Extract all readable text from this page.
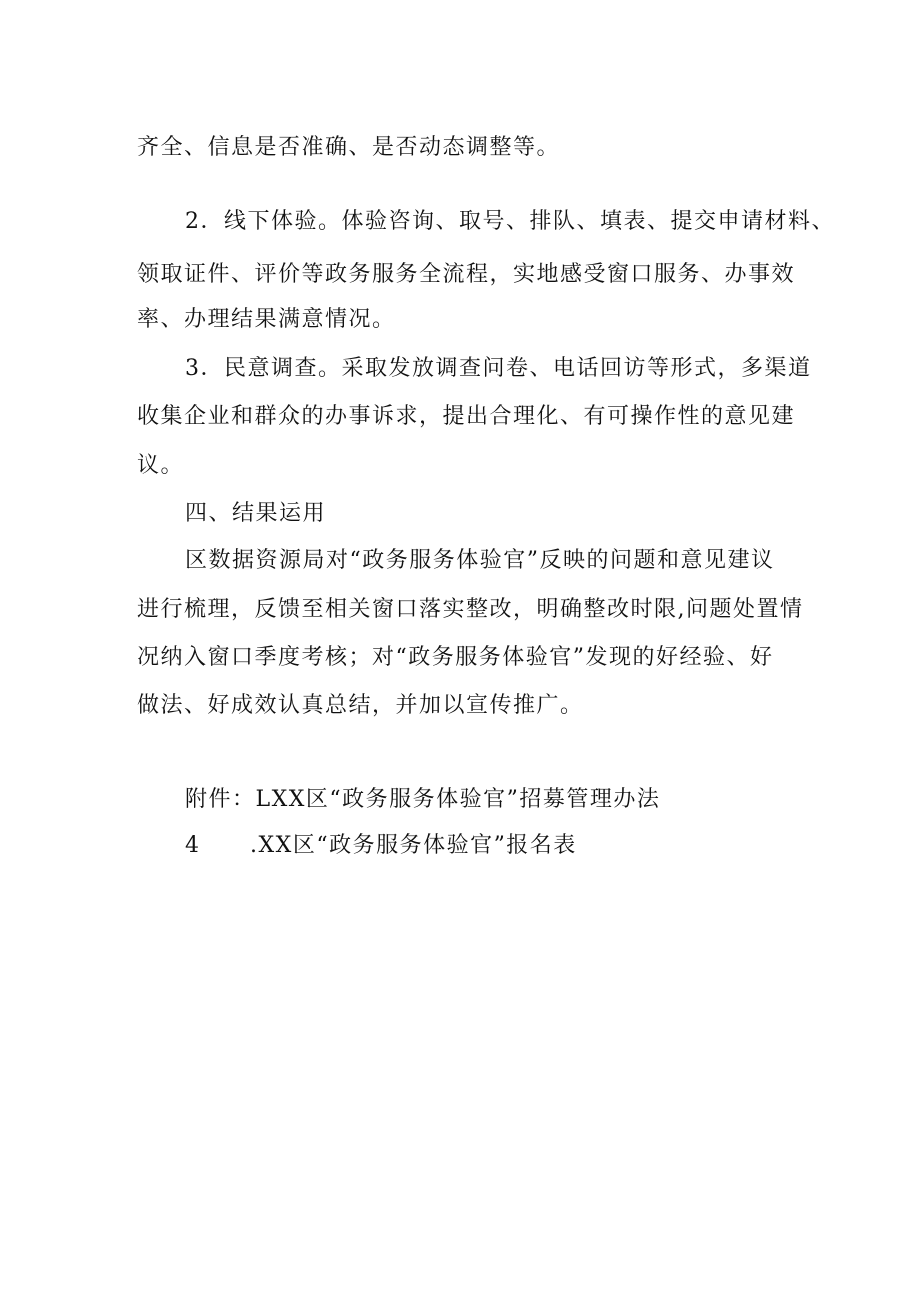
齐全、信息是否准确、是否动态调整等。
2．线下体验。体验咨询、取号、排队、填表、提交申请材料、
领取证件、评价等政务服务全流程，实地感受窗口服务、办事效
率、办理结果满意情况。
3．民意调查。采取发放调查问卷、电话回访等形式，多渠道
收集企业和群众的办事诉求，提出合理化、有可操作性的意见建
议。
四、结果运用
区数据资源局对“政务服务体验官”反映的问题和意见建议
进行梳理，反馈至相关窗口落实整改，明确整改时限,问题处置情
况纳入窗口季度考核；对“政务服务体验官”发现的好经验、好
做法、好成效认真总结，并加以宣传推广。
附件：LXX区“政务服务体验官”招募管理办法
4 .XX区“政务服务体验官”报名表
